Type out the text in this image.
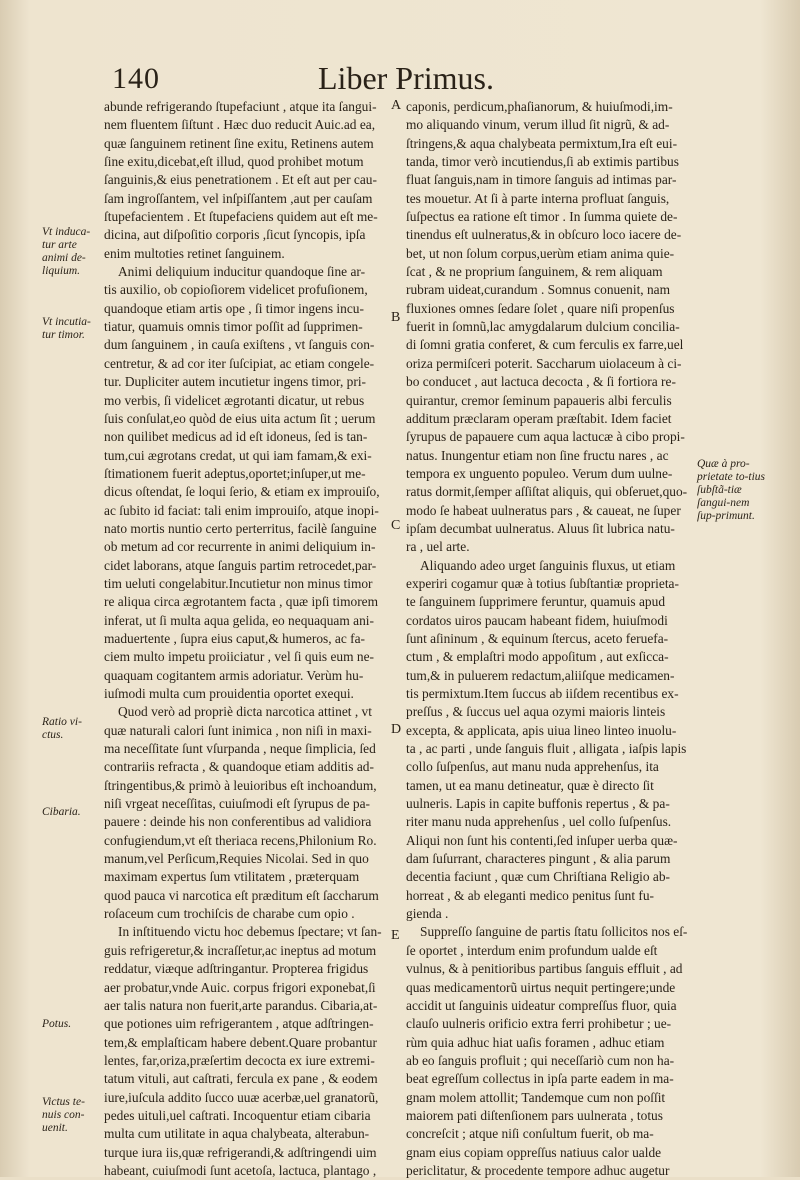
140	Liber Primus.
abunde refrigerando ſtupefaciunt , atque ita ſangui-
nem fluentem ſiſtunt . Hæc duo reducit Auic.ad ea,
quæ ſanguinem retinent ſine exitu, Retinens autem
ſine exitu,dicebat,eſt illud, quod prohibet motum
ſanguinis,& eius penetrationem . Et eſt aut per cau-
ſam ingroſſantem, vel inſpiſſantem ,aut per cauſam
ſtupefacientem . Et ſtupefaciens quidem aut eſt me-
dicina, aut diſpoſitio corporis ,ſicut ſyncopis, ipſa
enim multoties retinet ſanguinem.
Animi deliquium inducitur quandoque ſine ar-
tis auxilio, ob copioſiorem videlicet profuſionem,
quandoque etiam artis ope , ſi timor ingens incu-
tiatur, quamuis omnis timor poſſit ad ſupprimen-
dum ſanguinem , in cauſa exiſtens , vt ſanguis con-
centretur, & ad cor iter ſuſcipiat, ac etiam congele-
tur. Dupliciter autem incutietur ingens timor, pri-
mo verbis, ſi videlicet ægrotanti dicatur, ut rebus
ſuis conſulat,eo quòd de eius uita actum ſit ; uerum
non quilibet medicus ad id eſt idoneus, ſed is tan-
tum,cui ægrotans credat, ut qui iam famam,& exi-
ſtimationem fuerit adeptus,oportet;inſuper,ut me-
dicus oſtendat, ſe loqui ſerio, & etiam ex improuiſo,
ac ſubito id faciat: tali enim improuiſo, atque inopi-
nato mortis nuntio certo perterritus, facilè ſanguine
ob metum ad cor recurrente in animi deliquium in-
cidet laborans, atque ſanguis partim retrocedet,par-
tim ueluti congelabitur.Incutietur non minus timor
re aliqua circa ægrotantem facta , quæ ipſi timorem
inferat, ut ſi multa aqua gelida, eo nequaquam ani-
maduertente , ſupra eius caput,& humeros, ac fa-
ciem multo impetu proiiciatur , vel ſi quis eum ne-
quaquam cogitantem armis adoriatur. Verùm hu-
iuſmodi multa cum prouidentia oportet exequi.
Quod verò ad propriè dicta narcotica attinet , vt
quæ naturali calori ſunt inimica , non niſi in maxi-
ma neceſſitate ſunt vſurpanda , neque ſimplicia, ſed
contrariis refracta , & quandoque etiam additis ad-
ſtringentibus,& primò à leuioribus eſt inchoandum,
niſi vrgeat neceſſitas, cuiuſmodi eſt ſyrupus de pa-
pauere : deinde his non conferentibus ad validiora
confugiendum,vt eſt theriaca recens,Philonium Ro.
manum,vel Perſicum,Requies Nicolai. Sed in quo
maximam expertus ſum vtilitatem , præterquam
quod pauca vi narcotica eſt præditum eſt ſaccharum
roſaceum cum trochiſcis de charabe cum opio .
In inſtituendo victu hoc debemus ſpectare; vt ſan-
guis refrigeretur,& incraſſetur,ac ineptus ad motum
reddatur, viæque adſtringantur. Propterea frigidus
aer probatur,vnde Auic. corpus frigori exponebat,ſi
aer talis natura non fuerit,arte parandus. Cibaria,at-
que potiones uim refrigerantem , atque adſtringen-
tem,& emplaſticam habere debent.Quare probantur
lentes, far,oriza,præſertim decocta ex iure extremi-
tatum vituli, aut caſtrati, fercula ex pane , & eodem
iure,iuſcula addito ſucco uuæ acerbæ,uel granatorũ,
pedes uituli,uel caſtrati. Incoquentur etiam cibaria
multa cum utilitate in aqua chalybeata, alterabun-
turque iura iis,quæ refrigerandi,& adſtringendi uim
habeant, cuiuſmodi ſunt acetoſa, lactuca, plantago ,
caponis, perdicum,phaſianorum, & huiuſmodi,im-
mo aliquando vinum, verum illud ſit nigrũ, & ad-
ſtringens,& aqua chalybeata permixtum,Ira eſt eui-
tanda, timor verò incutiendus,ſi ab extimis partibus
fluat ſanguis,nam in timore ſanguis ad intimas par-
tes mouetur. At ſi à parte interna profluat ſanguis,
ſuſpectus ea ratione eſt timor . In ſumma quiete de-
tinendus eſt uulneratus,& in obſcuro loco iacere de-
bet, ut non ſolum corpus,uerùm etiam anima quie-
ſcat , & ne proprium ſanguinem, & rem aliquam
rubram uideat,curandum . Somnus conuenit, nam
fluxiones omnes ſedare ſolet , quare niſi propenſus
fuerit in ſomnũ,lac amygdalarum dulcium concilia-
di ſomni gratia conferet, & cum ferculis ex farre,uel
oriza permiſceri poterit. Saccharum uiolaceum à ci-
bo conducet , aut lactuca decocta , & ſi fortiora re-
quirantur, cremor ſeminum papaueris albi ferculis
additum præclaram operam præſtabit. Idem faciet
ſyrupus de papauere cum aqua lactucæ à cibo propi-
natus. Inungentur etiam non ſine fructu nares , ac
tempora ex unguento populeo. Verum dum uulne-
ratus dormit,ſemper aſſiſtat aliquis, qui obſeruet,quo-
modo ſe habeat uulneratus pars , & caueat, ne ſuper
ipſam decumbat uulneratus. Aluus ſit lubrica natu-
ra , uel arte.
Aliquando adeo urget ſanguinis fluxus, ut etiam
experiri cogamur quæ à totius ſubſtantiæ proprieta-
te ſanguinem ſupprimere feruntur, quamuis apud
cordatos uiros paucam habeant fidem, huiuſmodi
ſunt aſininum , & equinum ſtercus, aceto feruefa-
ctum , & emplaſtri modo appoſitum , aut exſicca-
tum,& in puluerem redactum,aliiſque medicamen-
tis permixtum.Item ſuccus ab iiſdem recentibus ex-
preſſus , & ſuccus uel aqua ozymi maioris linteis
excepta, & applicata, apis uiua lineo linteo inuolu-
ta , ac parti , unde ſanguis fluit , alligata , iaſpis lapis
collo ſuſpenſus, aut manu nuda apprehenſus, ita
tamen, ut ea manu detineatur, quæ è directo ſit
uulneris. Lapis in capite buffonis repertus , & pa-
riter manu nuda apprehenſus , uel collo ſuſpenſus.
Aliqui non ſunt his contenti,ſed inſuper uerba quæ-
dam ſuſurrant, characteres pingunt , & alia parum
decentia faciunt , quæ cum Chriſtiana Religio ab-
horreat , & ab eleganti medico penitus ſunt fu-
gienda .
Suppreſſo ſanguine de partis ſtatu ſollicitos nos eſ-
ſe oportet , interdum enim profundum ualde eſt
vulnus, & à penitioribus partibus ſanguis effluit , ad
quas medicamentorũ uirtus nequit pertingere;unde
accidit ut ſanguinis uideatur compreſſus fluor, quia
clauſo uulneris orificio extra ferri prohibetur ; ue-
rùm quia adhuc hiat uaſis foramen , adhuc etiam
ab eo ſanguis profluit ; qui neceſſariò cum non ha-
beat egreſſum collectus in ipſa parte eadem in ma-
gnam molem attollit; Tandemque cum non poſſit
maiorem pati diſtenſionem pars uulnerata , totus
concreſcit ; atque niſi conſultum fuerit, ob ma-
gnam eius copiam oppreſſus natiuus calor ualde
periclitatur, & procedente tempore adhuc augetur
Vt induca-tur arte animi de-liquium.
Vt incutia-tur timor.
Ratio vi-ctus.
Cibaria.
Potus.
Victus te-nuis con-uenit.
Quæ à pro-prietate to-tius ſubſtã-tiæ ſangui-nem ſup-primunt.
A
B
C
D
E
